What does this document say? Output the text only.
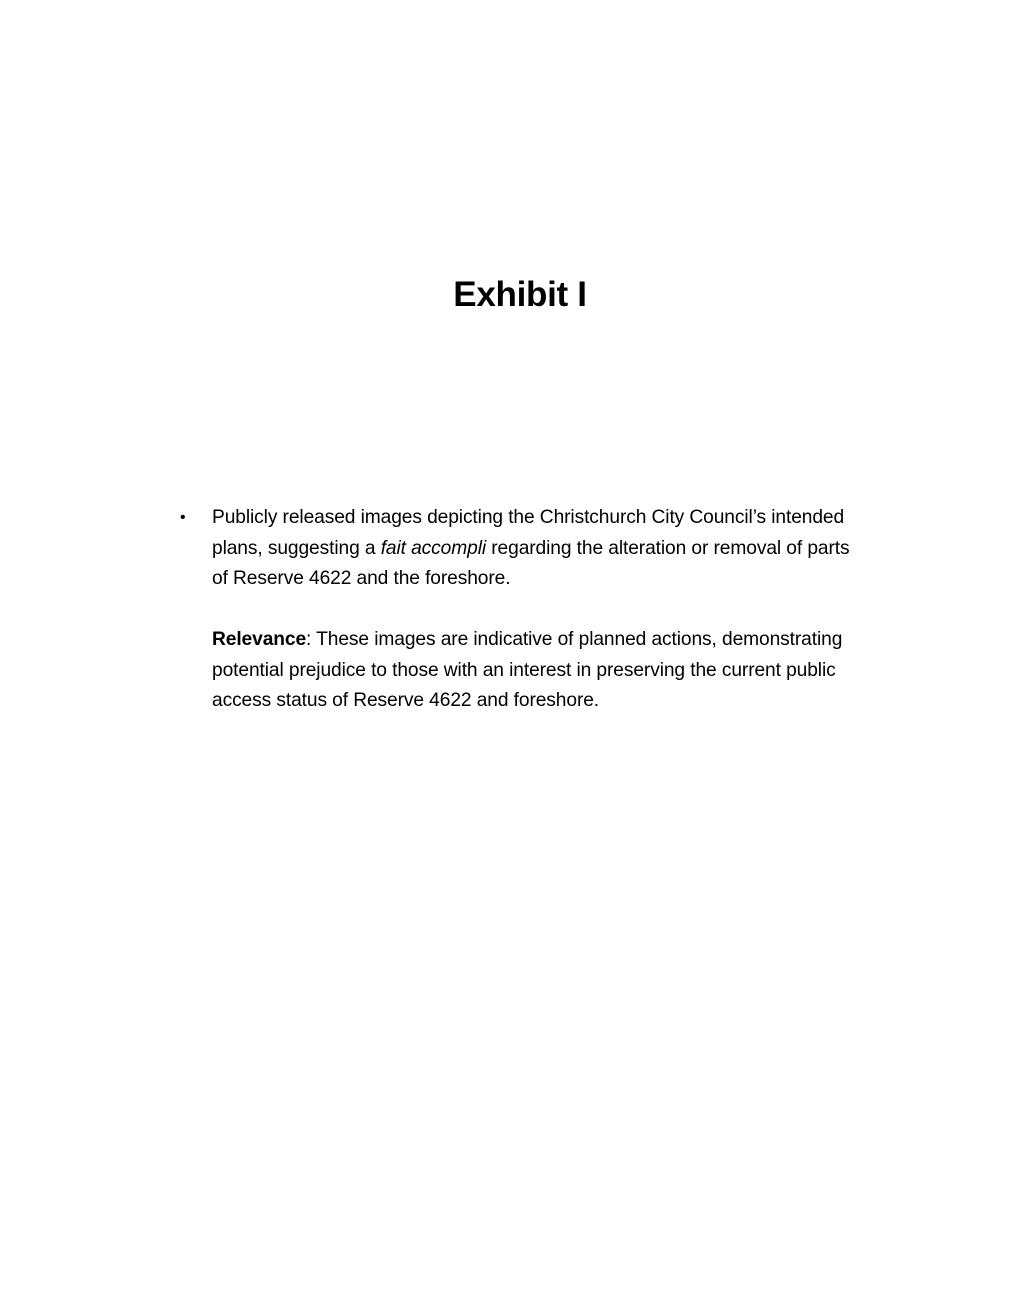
Exhibit I
• Publicly released images depicting the Christchurch City Council’s intended plans, suggesting a fait accompli regarding the alteration or removal of parts of Reserve 4622 and the foreshore.

Relevance: These images are indicative of planned actions, demonstrating potential prejudice to those with an interest in preserving the current public access status of Reserve 4622 and foreshore.
